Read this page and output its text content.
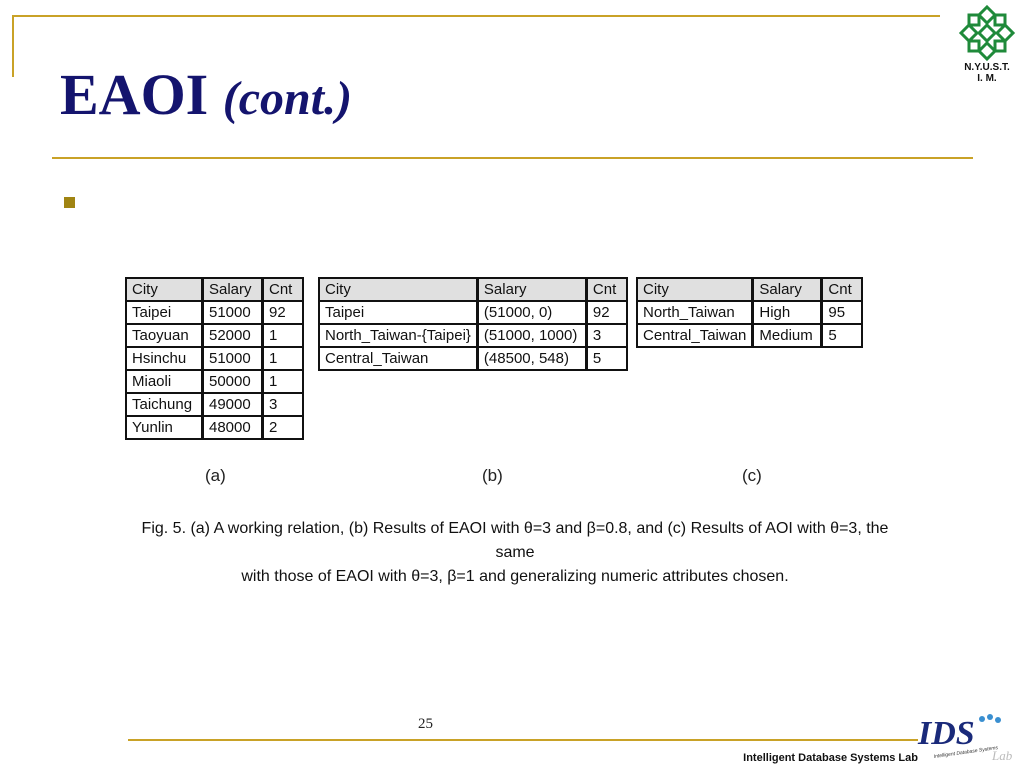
EAOI (cont.)
N.Y.U.S.T.
I. M.
City	Salary	Cnt
Taipei	51000	92
Taoyuan	52000	1
Hsinchu	51000	1
Miaoli	50000	1
Taichung	49000	3
Yunlin	48000	2
City	Salary	Cnt
Taipei	(51000, 0)	92
North_Taiwan-{Taipei}	(51000, 1000)	3
Central_Taiwan	(48500, 548)	5
City	Salary	Cnt
North_Taiwan	High	95
Central_Taiwan	Medium	5
(a)	(b)	(c)
Fig. 5. (a) A working relation, (b) Results of EAOI with θ=3 and β=0.8, and (c) Results of AOI with θ=3, the same
with those of EAOI with θ=3, β=1 and generalizing numeric attributes chosen.
25
Intelligent Database Systems Lab
IDS
Intelligent Database Systems
Lab
